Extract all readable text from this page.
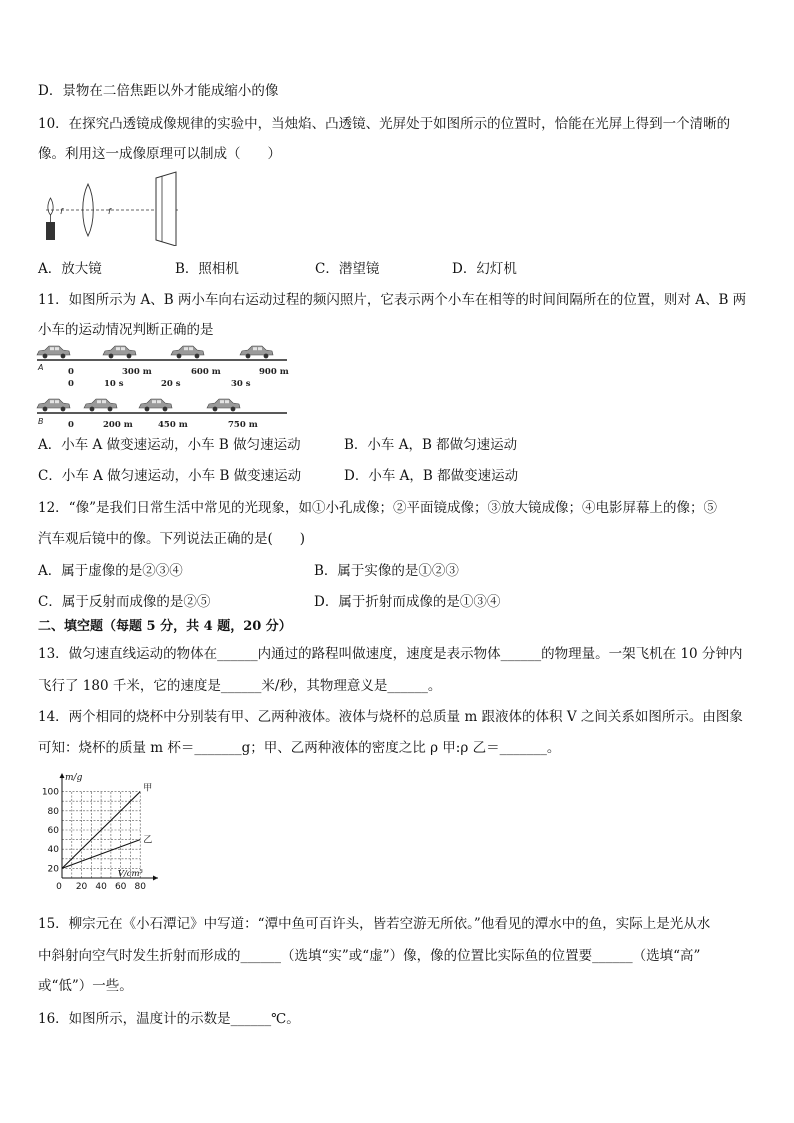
D．景物在二倍焦距以外才能成缩小的像
10．在探究凸透镜成像规律的实验中，当烛焰、凸透镜、光屏处于如图所示的位置时，恰能在光屏上得到一个清晰的
像。利用这一成像原理可以制成（　　）
f	f
A．放大镜	B．照相机	C．潜望镜	D．幻灯机
11．如图所示为 A、B 两小车向右运动过程的频闪照片，它表示两个小车在相等的时间间隔所在的位置，则对 A、B 两
小车的运动情况判断正确的是
A	0	300 m	600 m	900 m
0	10 s	20 s	30 s
B	0	200 m	450 m	750 m
A．小车 A 做变速运动，小车 B 做匀速运动	B．小车 A，B 都做匀速运动
C．小车 A 做匀速运动，小车 B 做变速运动	D．小车 A，B 都做变速运动
12．“像”是我们日常生活中常见的光现象，如①小孔成像；②平面镜成像；③放大镜成像；④电影屏幕上的像；⑤
汽车观后镜中的像。下列说法正确的是(　　)
A．属于虚像的是②③④	B．属于实像的是①②③
C．属于反射而成像的是②⑤	D．属于折射而成像的是①③④
二、填空题（每题 5 分，共 4 题，20 分）
13．做匀速直线运动的物体在______内通过的路程叫做速度，速度是表示物体______的物理量。一架飞机在 10 分钟内
飞行了 180 千米，它的速度是______米/秒，其物理意义是______。
14．两个相同的烧杯中分别装有甲、乙两种液体。液体与烧杯的总质量 m 跟液体的体积 V 之间关系如图所示。由图象
可知：烧杯的质量 m 杯＝_______g；甲、乙两种液体的密度之比 ρ 甲:ρ 乙＝_______。
20
40
60
80
100
0 20 40 60 80
m/g
V/cm³
甲
乙
15．柳宗元在《小石潭记》中写道：“潭中鱼可百许头，皆若空游无所依。”他看见的潭水中的鱼，实际上是光从水
中斜射向空气时发生折射而形成的______（选填“实”或“虚”）像，像的位置比实际鱼的位置要______（选填“高”
或“低”）一些。
16．如图所示，温度计的示数是______℃。
